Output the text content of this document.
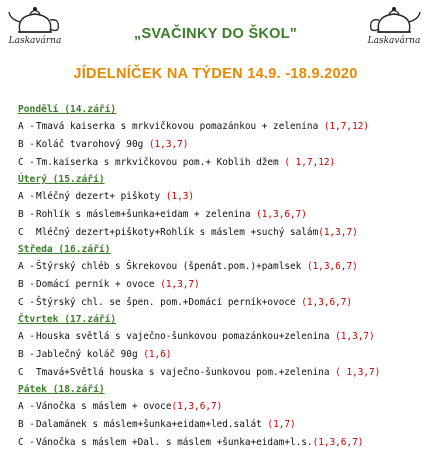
Laskavárna	Laskavárna
„SVAČINKY DO ŠKOL"
JÍDELNÍČEK NA TÝDEN 14.9. -18.9.2020
Pondělí (14.září)
A -Tmavá kaiserka s mrkvičkovou pomazánkou + zelenina (1,7,12)
B -Koláč tvarohový 90g (1,3,7)
C -Tm.kaiserka s mrkvičkovou pom.+ Koblih džem ( 1,7,12)
Úterý (15.září)
A -Mléčný dezert+ piškoty (1,3)
B -Rohlík s máslem+šunka+eidam + zelenina (1,3,6,7)
C Mléčný dezert+piškoty+Rohlík s máslem +suchý salám(1,3,7)
Středa (16.září)
A -Štýrský chléb s Škrekovou (špenát.pom.)+pamlsek (1,3,6,7)
B -Domácí perník + ovoce (1,3,7)
C -Štýrský chl. se špen. pom.+Domácí perník+ovoce (1,3,6,7)
Čtvrtek (17.září)
A -Houska světlá s vaječno-šunkovou pomazánkou+zelenina (1,3,7)
B -Jablečný koláč 90g (1,6)
C Tmavá+Světlá houska s vaječno-šunkovou pom.+zelenina ( 1,3,7)
Pátek (18.září)
A -Vánočka s máslem + ovoce(1,3,6,7)
B -Dalamánek s máslem+šunka+eidam+led.salát (1,7)
C -Vánočka s máslem +Dal. s máslem +šunka+eidam+l.s.(1,3,6,7)
